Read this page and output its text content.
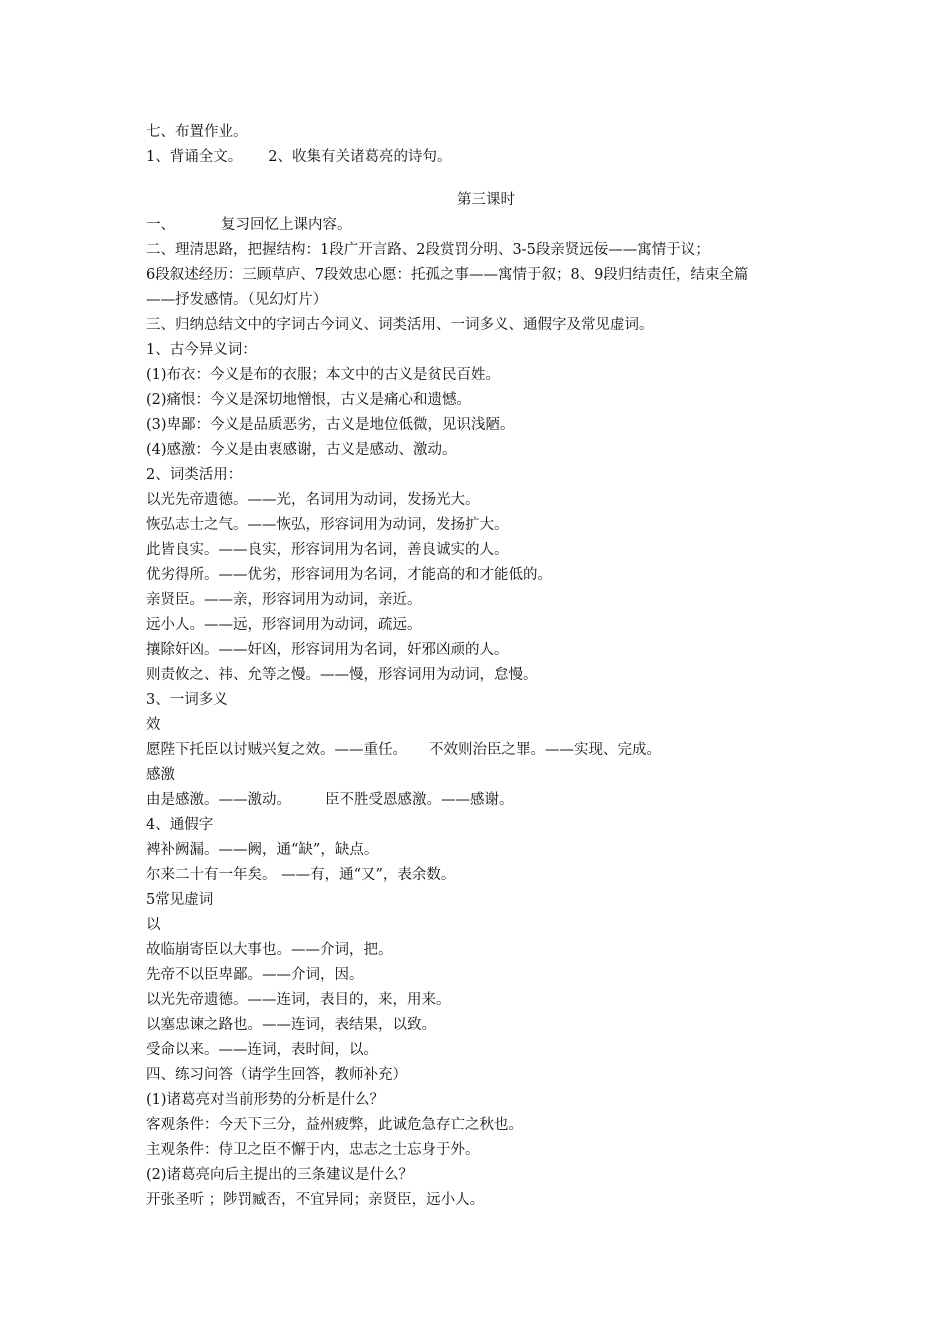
七、布置作业。
1、背诵全文。 2、收集有关诸葛亮的诗句。
第三课时
一、	复习回忆上课内容。
二、理清思路，把握结构：1段广开言路、2段赏罚分明、3-5段亲贤远佞——寓情于议；
6段叙述经历：三顾草庐、7段效忠心愿：托孤之事——寓情于叙；8、9段归结责任，结束全篇
——抒发感情。（见幻灯片）
三、归纳总结文中的字词古今词义、词类活用、一词多义、通假字及常见虚词。
1、古今异义词：
(1)布衣：今义是布的衣服；本文中的古义是贫民百姓。
(2)痛恨：今义是深切地憎恨，古义是痛心和遗憾。
(3)卑鄙：今义是品质恶劣，古义是地位低微，见识浅陋。
(4)感激：今义是由衷感谢，古义是感动、激动。
2、词类活用：
以光先帝遗德。——光，名词用为动词，发扬光大。
恢弘志士之气。——恢弘，形容词用为动词，发扬扩大。
此皆良实。——良实，形容词用为名词，善良诚实的人。
优劣得所。——优劣，形容词用为名词，才能高的和才能低的。
亲贤臣。——亲，形容词用为动词，亲近。
远小人。——远，形容词用为动词，疏远。
攘除奸凶。——奸凶，形容词用为名词，奸邪凶顽的人。
则责攸之、祎、允等之慢。——慢，形容词用为动词，怠慢。
3、一词多义
效
愿陛下托臣以讨贼兴复之效。——重任。 不效则治臣之罪。——实现、完成。
感激
由是感激。——激动。 臣不胜受恩感激。——感谢。
4、通假字
裨补阙漏。——阙，通“缺”，缺点。
尔来二十有一年矣。 ——有，通“又”，表余数。
5常见虚词
以
故临崩寄臣以大事也。——介词，把。
先帝不以臣卑鄙。——介词，因。
以光先帝遗德。——连词，表目的，来，用来。
以塞忠谏之路也。——连词，表结果，以致。
受命以来。——连词，表时间，以。
四、练习问答（请学生回答，教师补充）
(1)诸葛亮对当前形势的分析是什么？
客观条件：今天下三分，益州疲弊，此诚危急存亡之秋也。
主观条件：侍卫之臣不懈于内，忠志之士忘身于外。
(2)诸葛亮向后主提出的三条建议是什么？
开张圣听 ；陟罚臧否，不宜异同；亲贤臣，远小人。
